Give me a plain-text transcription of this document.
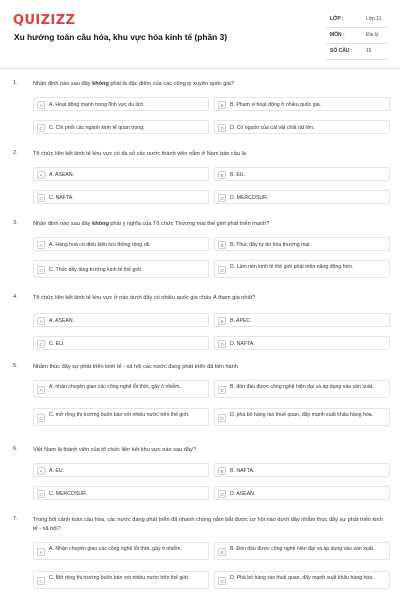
QUIZIZZ
Xu hướng toàn cầu hóa, khu vực hóa kinh tế (phần 3)
LỚP :	Lớp 11
MÔN :	Địa lý
SỐ CÂU :	15
1.	Nhận định nào sau đây không phải là đặc điểm của các công ty xuyên quốc gia?
A	A. Hoạt động mạnh trong lĩnh vực du lịch.	B	B. Phạm vi hoạt động ở nhiều quốc gia.
C	C. Chi phối các ngành kinh tế quan trọng.	D	D. Có nguồn của cải vật chất rất lớn.
2.	Tổ chức liên kết kinh tế khu vực có đa số các nước thành viên nằm ở Nam bán cầu là
A	A. ASEAN.	B	B. EU.
C	C. NAFTA.	D	D. MERCOSUR.
3.	Nhận định nào sau đây không phải ý nghĩa của Tổ chức Thương mại thế giới phát triển mạnh?
A	A. Hàng hoá có điều kiện lưu thông rộng rãi.	B	B. Thúc đẩy tự do hóa thương mại.
C	C. Thúc đẩy tăng trưởng kinh tế thế giới.	D
D. Làm nền kinh tế thế giới phát triển năng động hơn.
4.	Tổ chức liên kết kinh tế khu vực ở nào dưới đây có nhiều quốc gia châu Á tham gia nhất?
A	A. ASEAN.	B	B. APEC.
C	C. EU.	D	D. NAFTA.
5.	Nhằm thúc đẩy sự phát triển kinh tế - xã hội các nước đang phát triển đã tiến hành
A
A. nhận chuyển giao các công nghệ lỗi thời, gây ô nhiễm.
B
B. đón đầu được công nghệ hiện đại và áp dụng vào sản xuất.
C
C. mở rộng thị trường buôn bán với nhiều nước trên thế giới.
D
D. phá bỏ hàng rào thuế quan, đẩy mạnh xuất khẩu hàng hóa.
6.	Việt Nam là thành viên của tổ chức liên kết khu vực nào sau đây?
A	A. EU.	B	B. NAFTA.
C	C. MERCOSUR.	D	D. ASEAN.
7.	Trong bối cảnh toàn cầu hóa, các nước đang phát triển đã nhanh chóng nắm bắt được cơ hội nào dưới đây nhằm thúc đẩy sự phát triển kinh tế - xã hội?
A
A. Nhận chuyển giao các công nghệ lỗi thời, gây ô nhiễm.
B
B. Đón đầu được công nghệ hiện đại và áp dụng vào sản xuất.
C
C. Mở rộng thị trường buôn bán với nhiều nước trên thế giới.
D
D. Phá bỏ hàng rào thuế quan, đẩy mạnh xuất khẩu hàng hóa.
